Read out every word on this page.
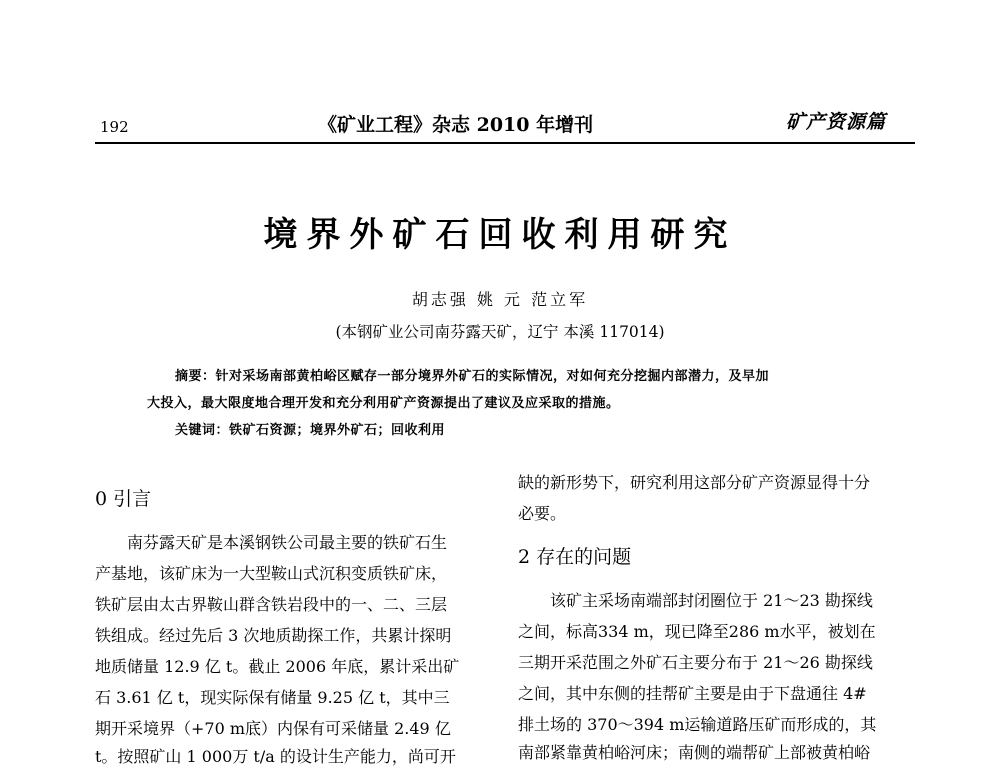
192	《矿业工程》杂志 2010 年增刊	矿产资源篇
境界外矿石回收利用研究
胡志强 姚 元 范立军
(本钢矿业公司南芬露天矿，辽宁 本溪 117014)
摘要：针对采场南部黄柏峪区赋存一部分境界外矿石的实际情况，对如何充分挖掘内部潜力，及早加
大投入，最大限度地合理开发和充分利用矿产资源提出了建议及应采取的措施。
关键词：铁矿石资源；境界外矿石；回收利用
0 引言
南芬露天矿是本溪钢铁公司最主要的铁矿石生
产基地，该矿床为一大型鞍山式沉积变质铁矿床，
铁矿层由太古界鞍山群含铁岩段中的一、二、三层
铁组成。经过先后 3 次地质勘探工作，共累计探明
地质储量 12.9 亿 t。截止 2006 年底，累计采出矿
石 3.61 亿 t，现实际保有储量 9.25 亿 t，其中三
期开采境界（+70 m底）内保有可采储量 2.49 亿
t。按照矿山 1 000万 t/a 的设计生产能力，尚可开
缺的新形势下，研究利用这部分矿产资源显得十分
必要。
2 存在的问题
该矿主采场南端部封闭圈位于 21～23 勘探线
之间，标高334 m，现已降至286 m水平，被划在
三期开采范围之外矿石主要分布于 21～26 勘探线
之间，其中东侧的挂帮矿主要是由于下盘通往 4#
排土场的 370～394 m运输道路压矿而形成的，其
南部紧靠黄柏峪河床；南侧的端帮矿上部被黄柏峪
